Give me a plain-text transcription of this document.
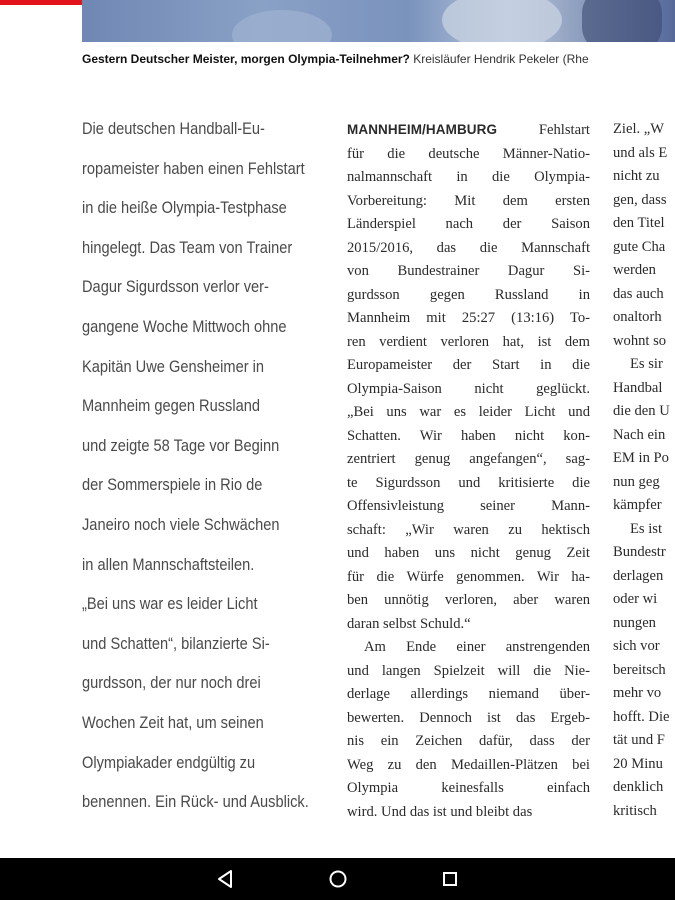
Gestern Deutscher Meister, morgen Olympia-Teilnehmer? Kreisläufer Hendrik Pekeler (Rhe
Die deutschen Handball-Eu-
ropameister haben einen Fehlstart
in die heiße Olympia-Testphase
hingelegt. Das Team von Trainer
Dagur Sigurdsson verlor ver-
gangene Woche Mittwoch ohne
Kapitän Uwe Gensheimer in
Mannheim gegen Russland
und zeigte 58 Tage vor Beginn
der Sommerspiele in Rio de
Janeiro noch viele Schwächen
in allen Mannschaftsteilen.
„Bei uns war es leider Licht
und Schatten“, bilanzierte Si-
gurdsson, der nur noch drei
Wochen Zeit hat, um seinen
Olympiakader endgültig zu
benennen. Ein Rück- und Ausblick.
MANNHEIM/HAMBURG Fehlstart
für die deutsche Männer-Natio-
nalmannschaft in die Olympia-
Vorbereitung: Mit dem ersten
Länderspiel nach der Saison
2015/2016, das die Mannschaft
von Bundestrainer Dagur Si-
gurdsson gegen Russland in
Mannheim mit 25:27 (13:16) To-
ren verdient verloren hat, ist dem
Europameister der Start in die
Olympia-Saison nicht geglückt.
„Bei uns war es leider Licht und
Schatten. Wir haben nicht kon-
zentriert genug angefangen“, sag-
te Sigurdsson und kritisierte die
Offensivleistung seiner Mann-
schaft: „Wir waren zu hektisch
und haben uns nicht genug Zeit
für die Würfe genommen. Wir ha-
ben unnötig verloren, aber waren
daran selbst Schuld.“
Am Ende einer anstrengenden
und langen Spielzeit will die Nie-
derlage allerdings niemand über-
bewerten. Dennoch ist das Ergeb-
nis ein Zeichen dafür, dass der
Weg zu den Medaillen-Plätzen bei
Olympia keinesfalls einfach
wird. Und das ist und bleibt das
Ziel. „W
und als E
nicht zu
gen, dass
den Titel
gute Cha
werden
das auch
onaltorh
wohnt so
Es sir
Handbal
die den U
Nach ein
EM in Po
nun geg
kämpfer
Es ist
Bundestr
derlagen
oder wi
nungen
sich vor
bereitsch
mehr vo
hofft. Die
tät und F
20 Minu
denklich
kritisch
